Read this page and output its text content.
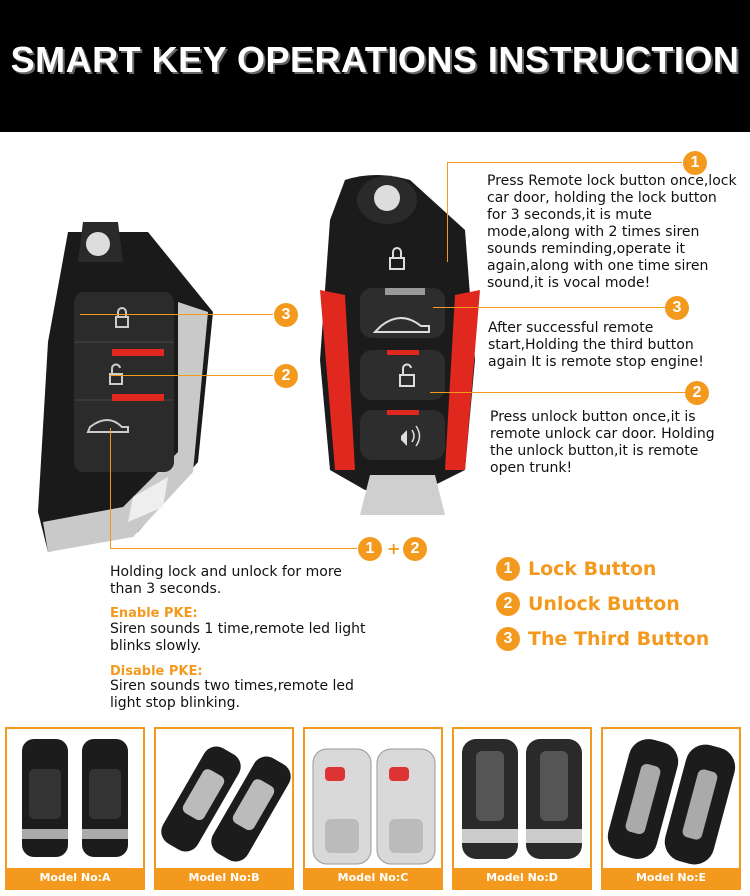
SMART KEY OPERATIONS INSTRUCTION
1
3
2
3
2
1 + 2
Press Remote lock button once,lock car door, holding the lock button for 3 seconds,it is mute mode,along with 2 times siren sounds reminding,operate it again,along with one time siren sound,it is vocal mode!
After successful remote start,Holding the third button again It is remote stop engine!
Press unlock button once,it is remote unlock car door. Holding the unlock button,it is remote open trunk!
Holding lock and unlock for more than 3 seconds.
Enable PKE:
Siren sounds 1 time,remote led light blinks slowly.
Disable PKE:
Siren sounds two times,remote led light stop blinking.
1 Lock Button
2 Unlock Button
3 The Third Button
Model No:A	Model No:B	Model No:C	Model No:D	Model No:E
